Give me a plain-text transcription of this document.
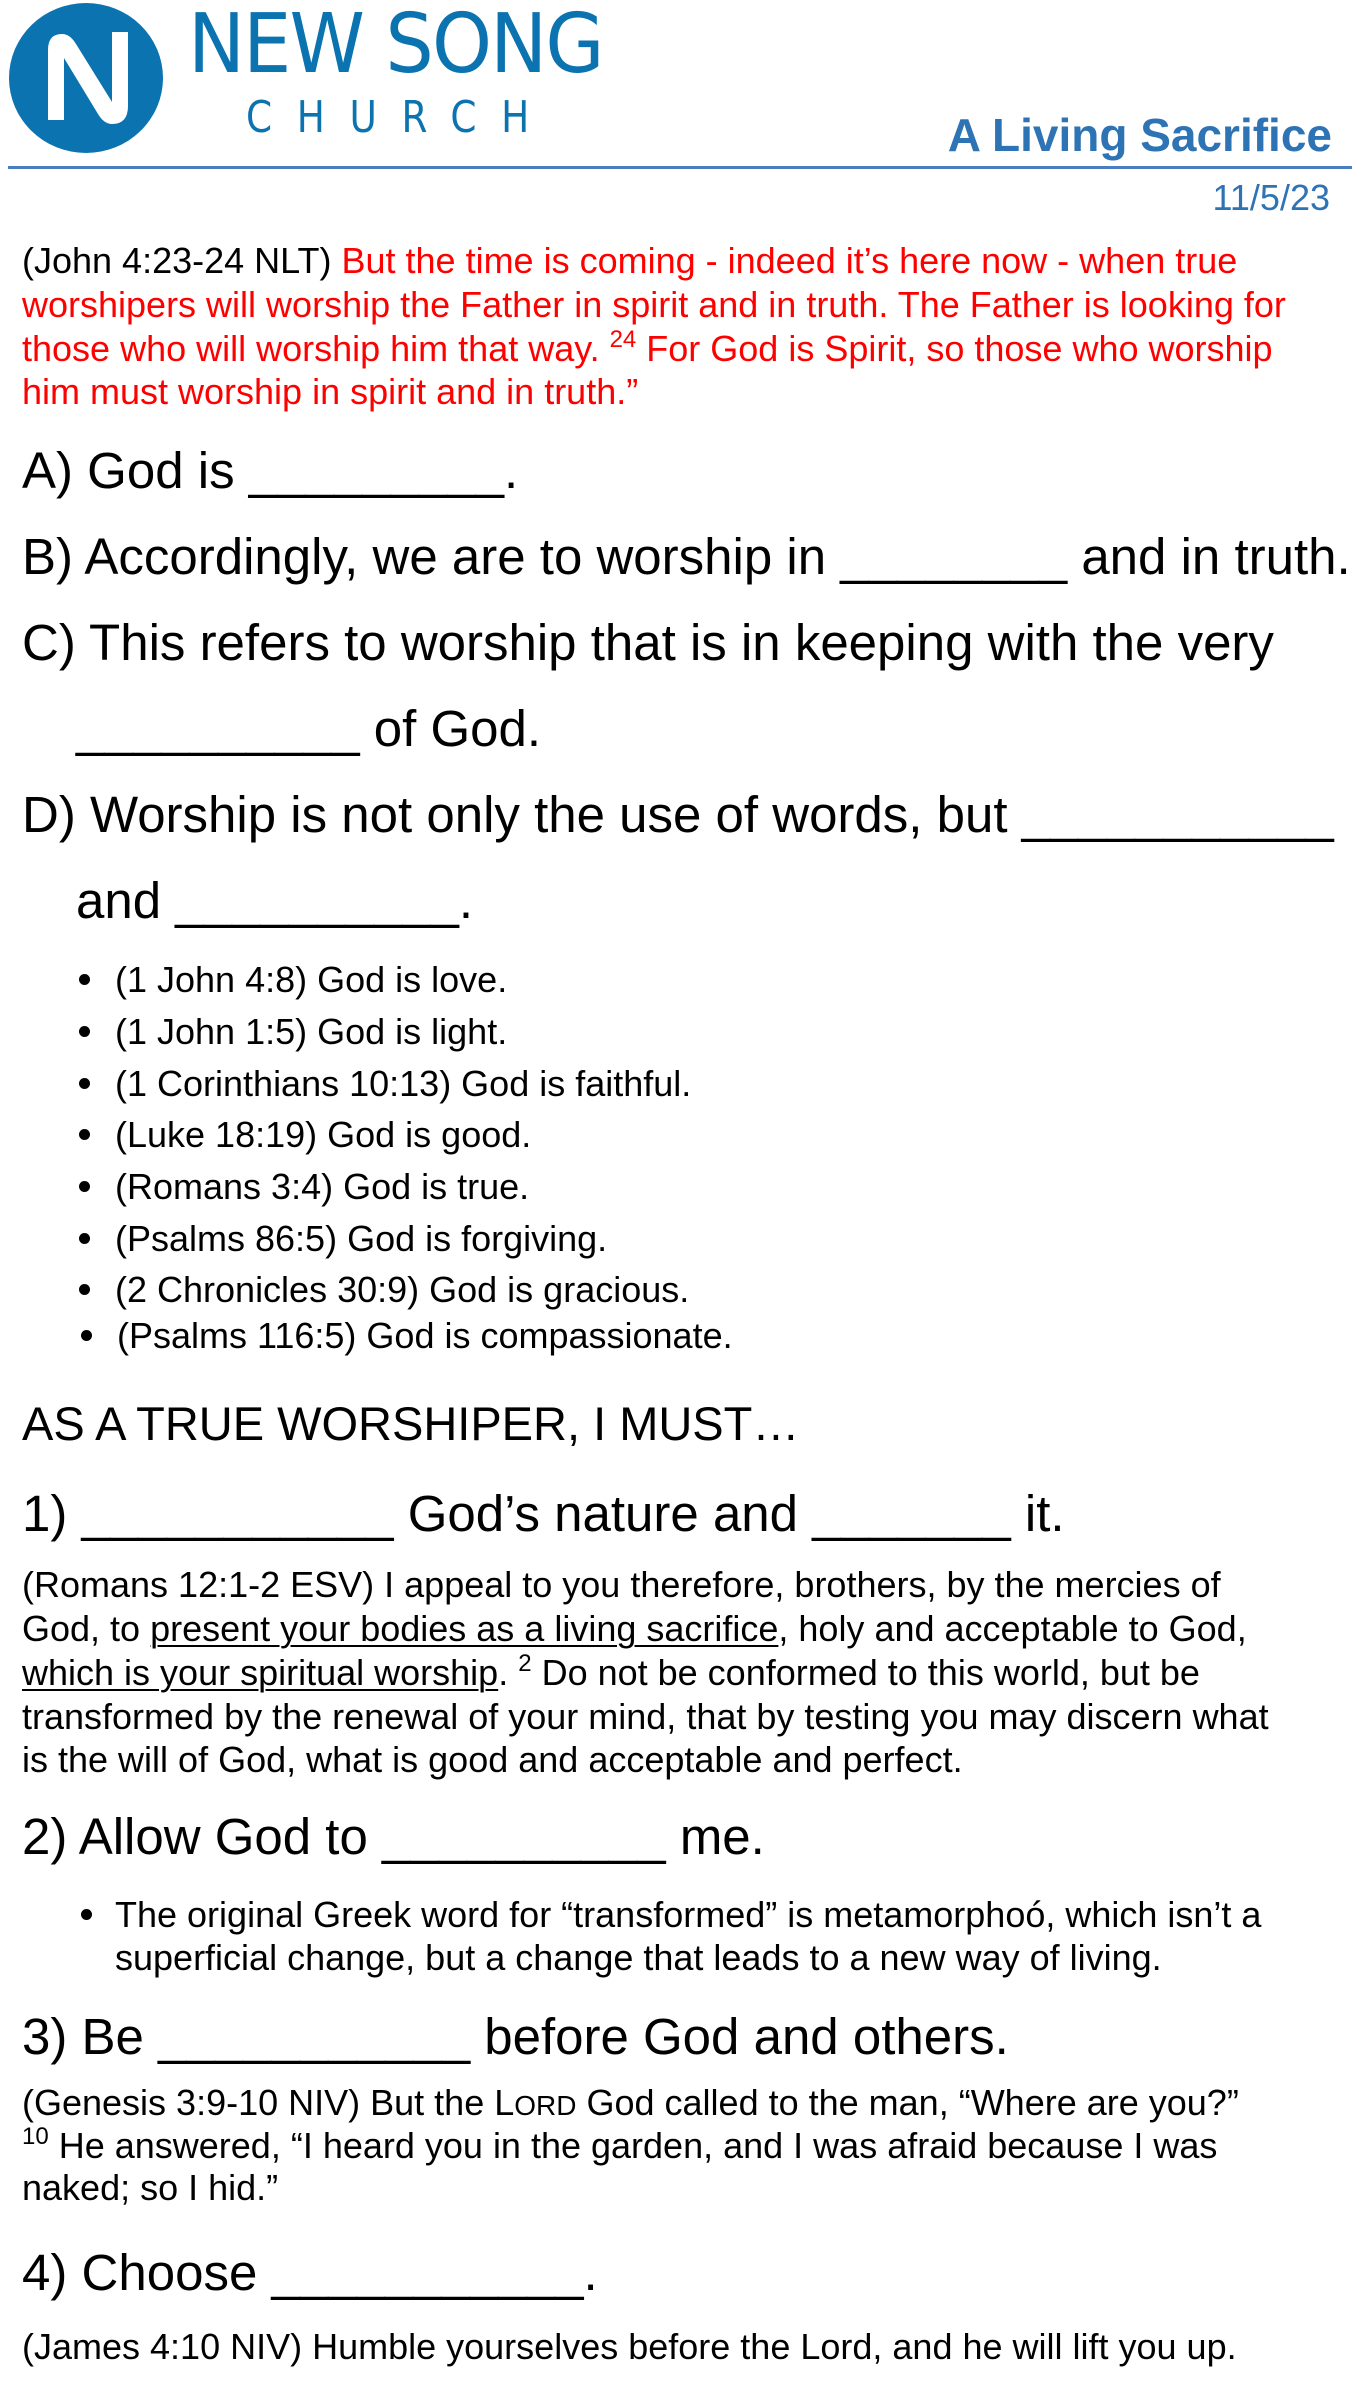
NEW SONG
CHURCH	A Living Sacrifice
11/5/23
(John 4:23-24 NLT) But the time is coming - indeed it’s here now - when true
worshipers will worship the Father in spirit and in truth. The Father is looking for
those who will worship him that way. $^{24}$ For God is Spirit, so those who worship
him must worship in spirit and in truth.”
A) God is _________.
B) Accordingly, we are to worship in ________ and in truth.
C) This refers to worship that is in keeping with the very
__________ of God.
D) Worship is not only the use of words, but ___________
and __________.
(1 John 4:8) God is love.
(1 John 1:5) God is light.
(1 Corinthians 10:13) God is faithful.
(Luke 18:19) God is good.
(Romans 3:4) God is true.
(Psalms 86:5) God is forgiving.
(2 Chronicles 30:9) God is gracious.
(Psalms 116:5) God is compassionate.
AS A TRUE WORSHIPER, I MUST…
1) ___________ God’s nature and _______ it.
(Romans 12:1-2 ESV) I appeal to you therefore, brothers, by the mercies of
God, to present your bodies as a living sacrifice, holy and acceptable to God,
which is your spiritual worship. $^2$ Do not be conformed to this world, but be
transformed by the renewal of your mind, that by testing you may discern what
is the will of God, what is good and acceptable and perfect.
2) Allow God to __________ me.
The original Greek word for “transformed” is metamorphoó, which isn’t a
superficial change, but a change that leads to a new way of living.
3) Be ___________ before God and others.
(Genesis 3:9-10 NIV) But the LORD God called to the man, “Where are you?”
$^{10}$ He answered, “I heard you in the garden, and I was afraid because I was
naked; so I hid.”
4) Choose ___________.
(James 4:10 NIV) Humble yourselves before the Lord, and he will lift you up.
